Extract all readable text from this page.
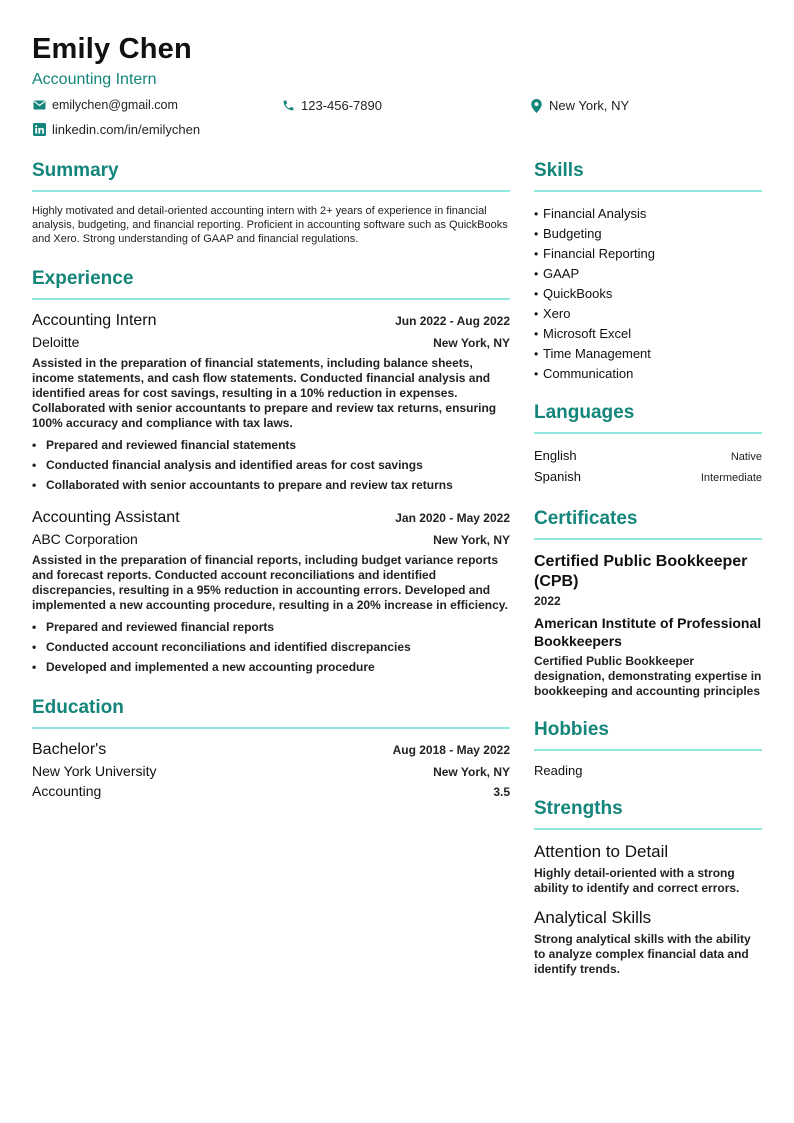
Emily Chen
Accounting Intern
emilychen@gmail.com	123-456-7890	New York, NY
linkedin.com/in/emilychen
Summary
Highly motivated and detail-oriented accounting intern with 2+ years of experience in financial analysis, budgeting, and financial reporting. Proficient in accounting software such as QuickBooks and Xero. Strong understanding of GAAP and financial regulations.
Experience
Accounting Intern	Jun 2022 - Aug 2022
Deloitte	New York, NY
Assisted in the preparation of financial statements, including balance sheets, income statements, and cash flow statements. Conducted financial analysis and identified areas for cost savings, resulting in a 10% reduction in expenses. Collaborated with senior accountants to prepare and review tax returns, ensuring 100% accuracy and compliance with tax laws.
• Prepared and reviewed financial statements
• Conducted financial analysis and identified areas for cost savings
• Collaborated with senior accountants to prepare and review tax returns
Accounting Assistant	Jan 2020 - May 2022
ABC Corporation	New York, NY
Assisted in the preparation of financial reports, including budget variance reports and forecast reports. Conducted account reconciliations and identified discrepancies, resulting in a 95% reduction in accounting errors. Developed and implemented a new accounting procedure, resulting in a 20% increase in efficiency.
• Prepared and reviewed financial reports
• Conducted account reconciliations and identified discrepancies
• Developed and implemented a new accounting procedure
Education
Bachelor's	Aug 2018 - May 2022
New York University	New York, NY
Accounting	3.5
Skills
• Financial Analysis
• Budgeting
• Financial Reporting
• GAAP
• QuickBooks
• Xero
• Microsoft Excel
• Time Management
• Communication
Languages
English	Native
Spanish	Intermediate
Certificates
Certified Public Bookkeeper (CPB)
2022
American Institute of Professional Bookkeepers
Certified Public Bookkeeper designation, demonstrating expertise in bookkeeping and accounting principles
Hobbies
Reading
Strengths
Attention to Detail
Highly detail-oriented with a strong ability to identify and correct errors.
Analytical Skills
Strong analytical skills with the ability to analyze complex financial data and identify trends.
